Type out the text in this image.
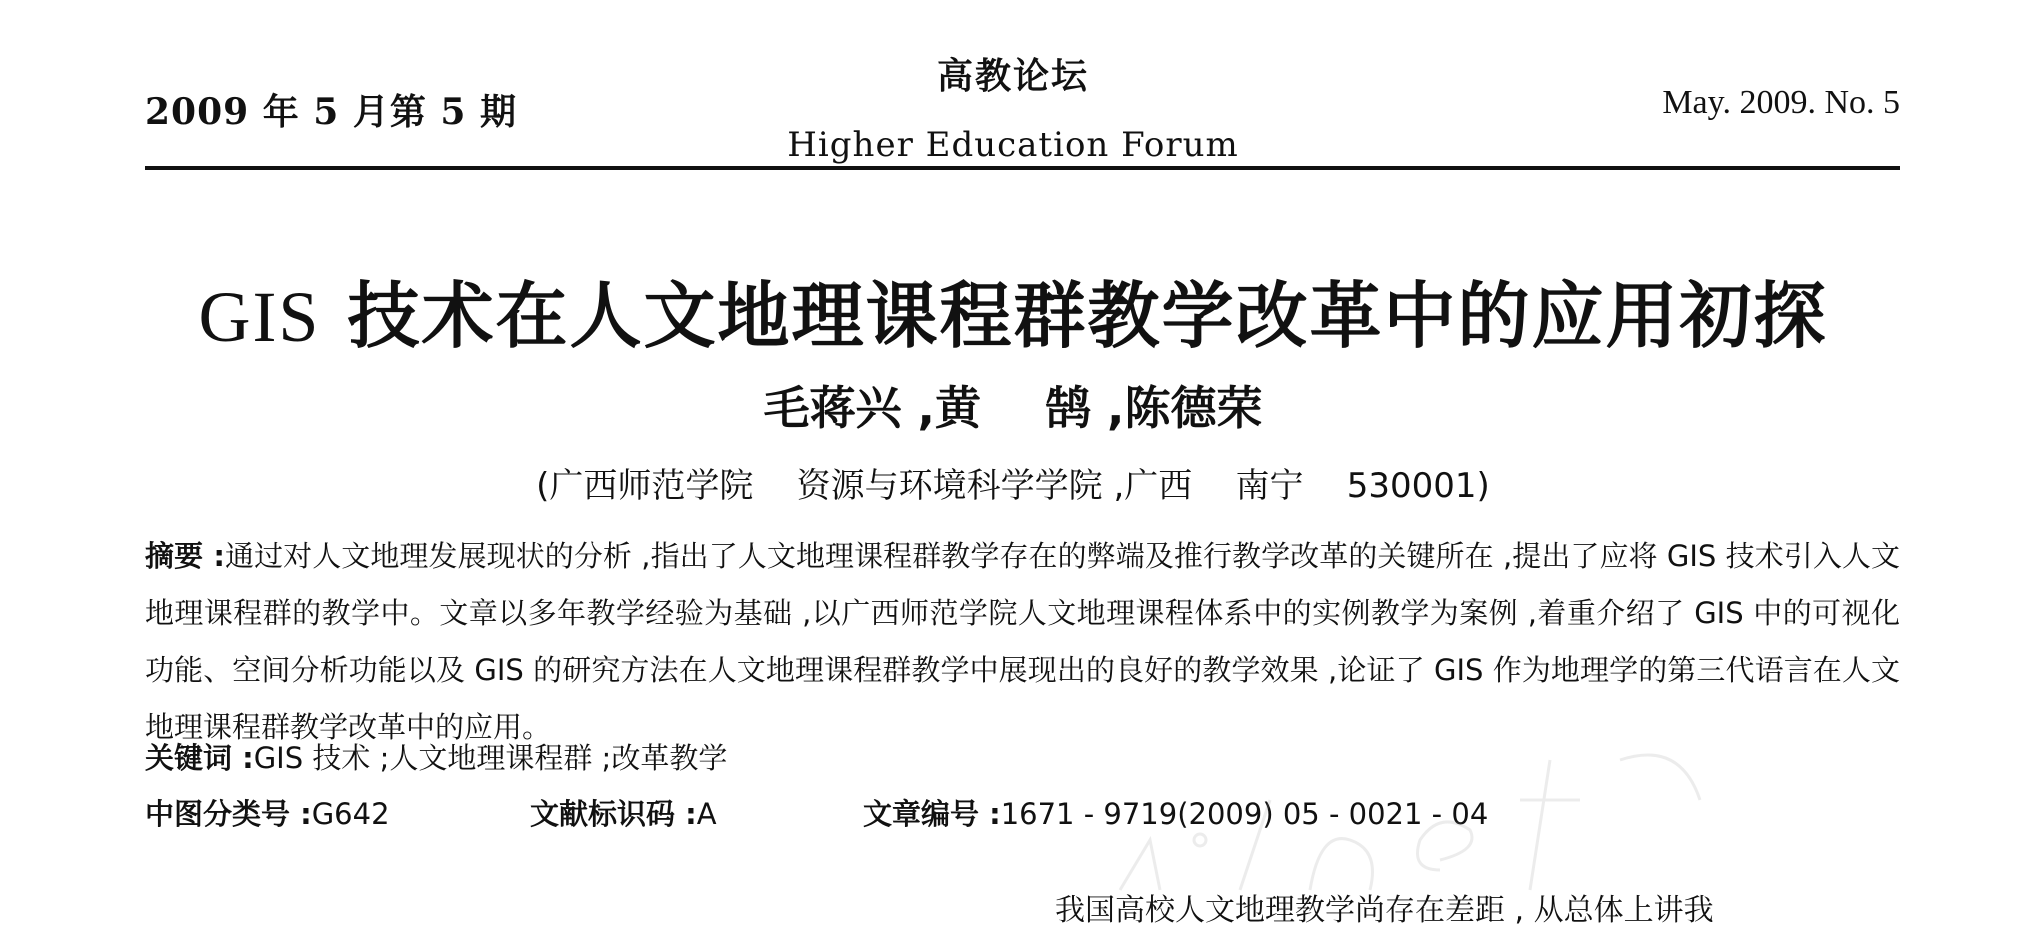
2009 年 5 月第 5 期
高教论坛
Higher Education Forum
May. 2009. No. 5
GIS 技术在人文地理课程群教学改革中的应用初探
毛蒋兴 ,黄    鹄 ,陈德荣
(广西师范学院    资源与环境科学学院 ,广西    南宁    530001)
摘要 :通过对人文地理发展现状的分析 ,指出了人文地理课程群教学存在的弊端及推行教学改革的关键所在 ,提出了应将 GIS 技术引入人文地理课程群的教学中。文章以多年教学经验为基础 ,以广西师范学院人文地理课程体系中的实例教学为案例 ,着重介绍了 GIS 中的可视化功能、空间分析功能以及 GIS 的研究方法在人文地理课程群教学中展现出的良好的教学效果 ,论证了 GIS 作为地理学的第三代语言在人文地理课程群教学改革中的应用。
关键词 :GIS 技术 ;人文地理课程群 ;改革教学
中图分类号 :G642	文献标识码 :A	文章编号 :1671 - 9719(2009) 05 - 0021 - 04
我国高校人文地理教学尚存在差距 , 从总体上讲我
